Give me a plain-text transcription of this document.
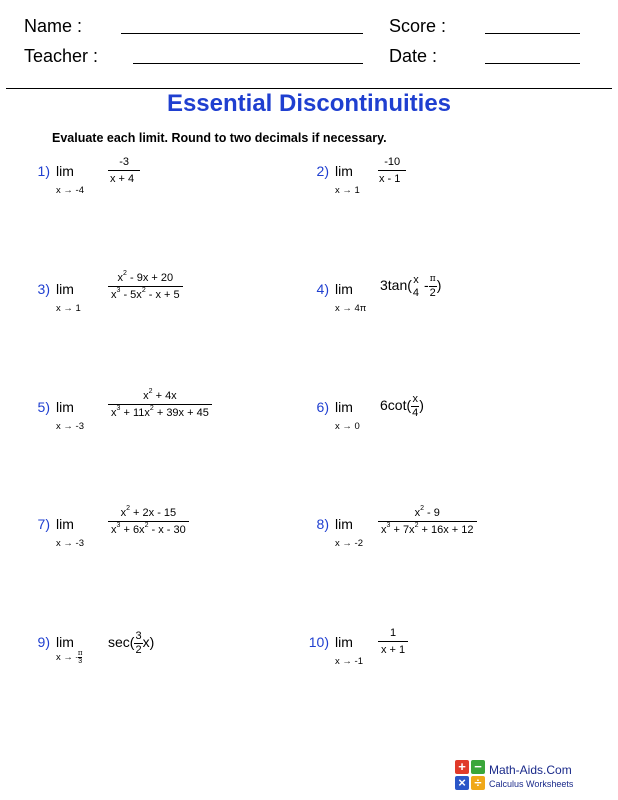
Name :	Score :
Teacher :	Date :
Essential Discontinuities
Evaluate each limit. Round to two decimals if necessary.
1) lim
x → -4
$\frac{-3}{x + 4}$	2) lim
x → 1
$\frac{-10}{x - 1}$
3) lim
x → 1
$\frac{x^2 - 9x + 20}{x^3 - 5x^2 - x + 5}$	4) lim
x → 4π
3tan( x
4 - π
2 )
5) lim
x → -3
$\frac{x^2 + 4x}{x^3 + 11x^2 + 39x + 45}$	6) lim
x → 0
$6\cot( \frac{x}{4}$ )
7) lim
x → -3
$\frac{x^2 + 2x - 15}{x^3 + 6x^2 - x - 30}$	8) lim
x → -2
$\frac{x^2 - 9}{x^3 + 7x^2 + 16x + 12}$
9) lim
x → - $\frac{\pi}{3}$
$\sec( \frac{3}{2} x)$	10) lim
x → -1
$\frac{1}{x + 1}$
+ −
× ÷
Math-Aids.Com
Calculus Worksheets
